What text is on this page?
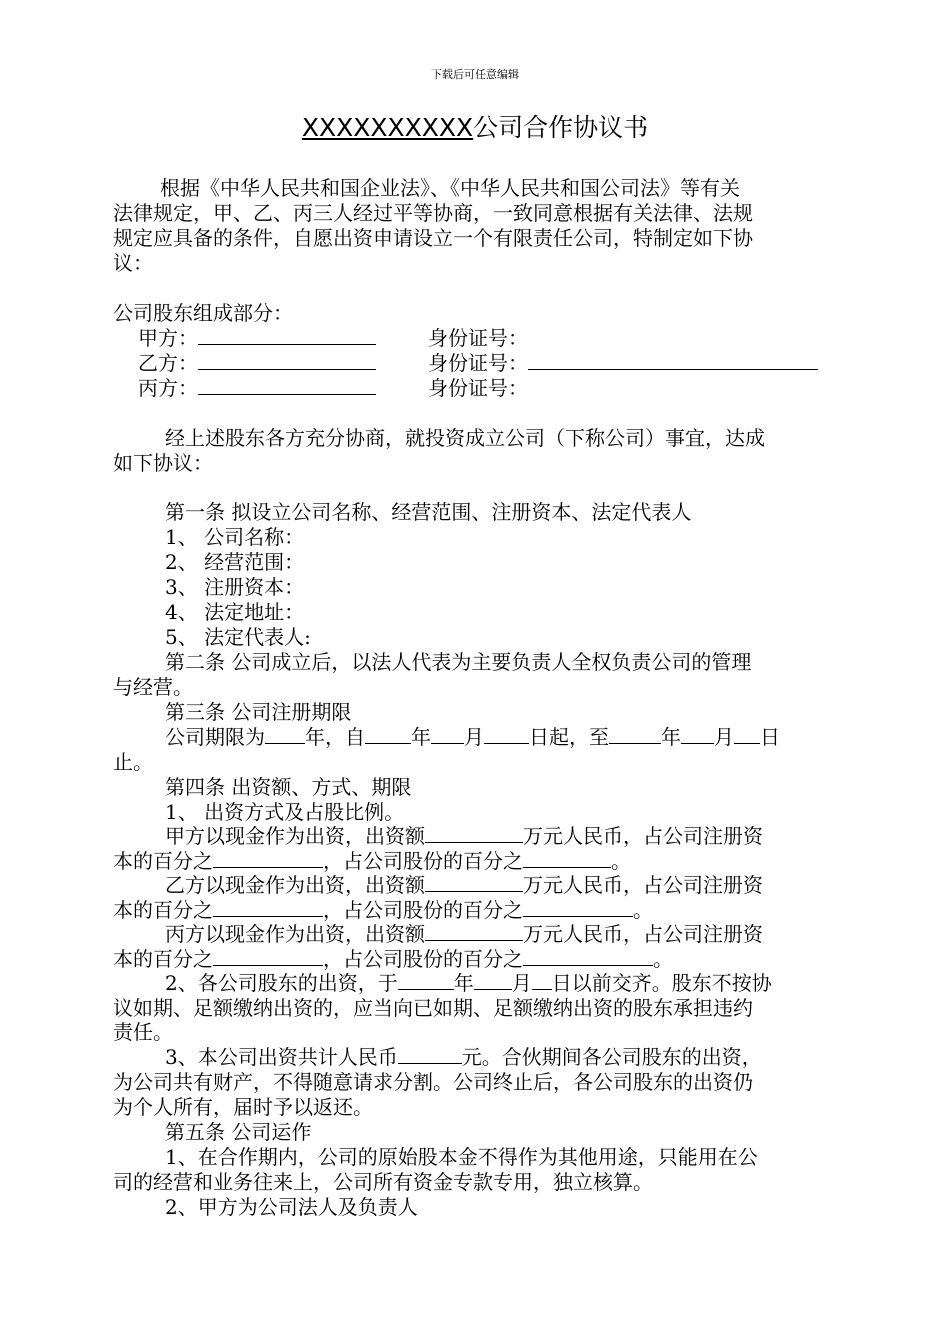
下载后可任意编辑
XXXXXXXXXX公司合作协议书
根据《中华人民共和国企业法》、《中华人民共和国公司法》等有关
法律规定，甲、乙、丙三人经过平等协商，一致同意根据有关法律、法规
规定应具备的条件，自愿出资申请设立一个有限责任公司，特制定如下协
议：
公司股东组成部分：
甲方：	身份证号：
乙方：	身份证号：
丙方：	身份证号：
经上述股东各方充分协商，就投资成立公司（下称公司）事宜，达成
如下协议：
第一条 拟设立公司名称、经营范围、注册资本、法定代表人
1、 公司名称：
2、 经营范围：
3、 注册资本：
4、 法定地址：
5、 法定代表人:
第二条 公司成立后，以法人代表为主要负责人全权负责公司的管理
与经营。
第三条 公司注册期限
公司期限为 年，自 年 月 日起，至	年 月 日
止。
第四条 出资额、方式、期限
1、 出资方式及占股比例。
甲方以现金作为出资，出资额	万元人民币，占公司注册资
本的百分之	，占公司股份的百分之	。
乙方以现金作为出资，出资额	万元人民币，占公司注册资
本的百分之	，占公司股份的百分之	。
丙方以现金作为出资，出资额	万元人民币，占公司注册资
本的百分之	，占公司股份的百分之	。
2、各公司股东的出资，于	年 月 日以前交齐。股东不按协
议如期、足额缴纳出资的，应当向已如期、足额缴纳出资的股东承担违约
责任。
3、本公司出资共计人民币	元。合伙期间各公司股东的出资，
为公司共有财产，不得随意请求分割。公司终止后，各公司股东的出资仍
为个人所有，届时予以返还。
第五条 公司运作
1、在合作期内，公司的原始股本金不得作为其他用途，只能用在公
司的经营和业务往来上，公司所有资金专款专用，独立核算。
2、甲方为公司法人及负责人
